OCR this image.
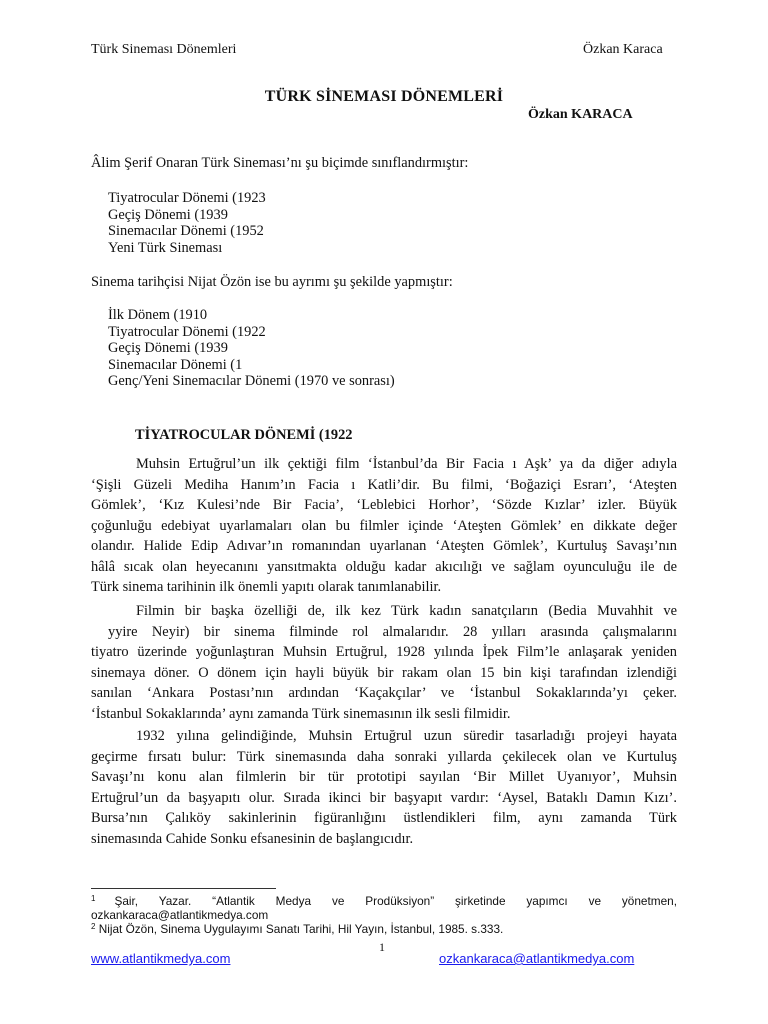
Türk Sineması Dönemleri	Özkan Karaca
TÜRK SİNEMASI DÖNEMLERİ
Özkan KARACA

Âlim Şerif Onaran Türk Sineması’nı şu biçimde sınıflandırmıştır:

Tiyatrocular Dönemi (1923
Geçiş Dönemi (1939
Sinemacılar Dönemi (1952
Yeni Türk Sineması

Sinema tarihçisi Nijat Özön ise bu ayrımı şu şekilde yapmıştır:

İlk Dönem (1910
Tiyatrocular Dönemi (1922
Geçiş Dönemi (1939
Sinemacılar Dönemi (1
Genç/Yeni Sinemacılar Dönemi (1970 ve sonrası)
TİYATROCULAR DÖNEMİ (1922
Muhsin Ertuğrul’un ilk çektiği film ‘İstanbul’da Bir Facia ı Aşk’ ya da diğer adıyla
‘Şişli Güzeli Mediha Hanım’ın Facia ı Katli’dir. Bu filmi, ‘Boğaziçi Esrarı’, ‘Ateşten
Gömlek’, ‘Kız Kulesi’nde Bir Facia’, ‘Leblebici Horhor’, ‘Sözde Kızlar’ izler. Büyük
çoğunluğu edebiyat uyarlamaları olan bu filmler içinde ‘Ateşten Gömlek’ en dikkate değer
olandır. Halide Edip Adıvar’ın romanından uyarlanan ‘Ateşten Gömlek’, Kurtuluş Savaşı’nın
hâlâ sıcak olan heyecanını yansıtmakta olduğu kadar akıcılığı ve sağlam oyunculuğu ile de
Türk sinema tarihinin ilk önemli yapıtı olarak tanımlanabilir.
Filmin bir başka özelliği de, ilk kez Türk kadın sanatçıların (Bedia Muvahhit ve
yyire Neyir) bir sinema filminde rol almalarıdır. 28 yılları arasında çalışmalarını
tiyatro üzerinde yoğunlaştıran Muhsin Ertuğrul, 1928 yılında İpek Film’le anlaşarak yeniden
sinemaya döner. O dönem için hayli büyük bir rakam olan 15 bin kişi tarafından izlendiği
sanılan ‘Ankara Postası’nın ardından ‘Kaçakçılar’ ve ‘İstanbul Sokaklarında’yı çeker.
‘İstanbul Sokaklarında’ aynı zamanda Türk sinemasının ilk sesli filmidir.
1932 yılına gelindiğinde, Muhsin Ertuğrul uzun süredir tasarladığı projeyi hayata
geçirme fırsatı bulur: Türk sinemasında daha sonraki yıllarda çekilecek olan ve Kurtuluş
Savaşı’nı konu alan filmlerin bir tür prototipi sayılan ‘Bir Millet Uyanıyor’, Muhsin
Ertuğrul’un da başyapıtı olur. Sırada ikinci bir başyapıt vardır: ‘Aysel, Bataklı Damın Kızı’.
Bursa’nın Çalıköy sakinlerinin figüranlığını üstlendikleri film, aynı zamanda Türk
sinemasında Cahide Sonku efsanesinin de başlangıcıdır.
$^1$	Şair, Yazar. “Atlantik Medya ve Prodüksiyon” şirketinde yapımcı ve yönetmen,
ozkankaraca@atlantikmedya.com
$^2$ Nijat Özön, Sinema Uygulayımı Sanatı Tarihi, Hil Yayın, İstanbul, 1985. s.333.
1
www.atlantikmedya.com	ozkankaraca@atlantikmedya.com
